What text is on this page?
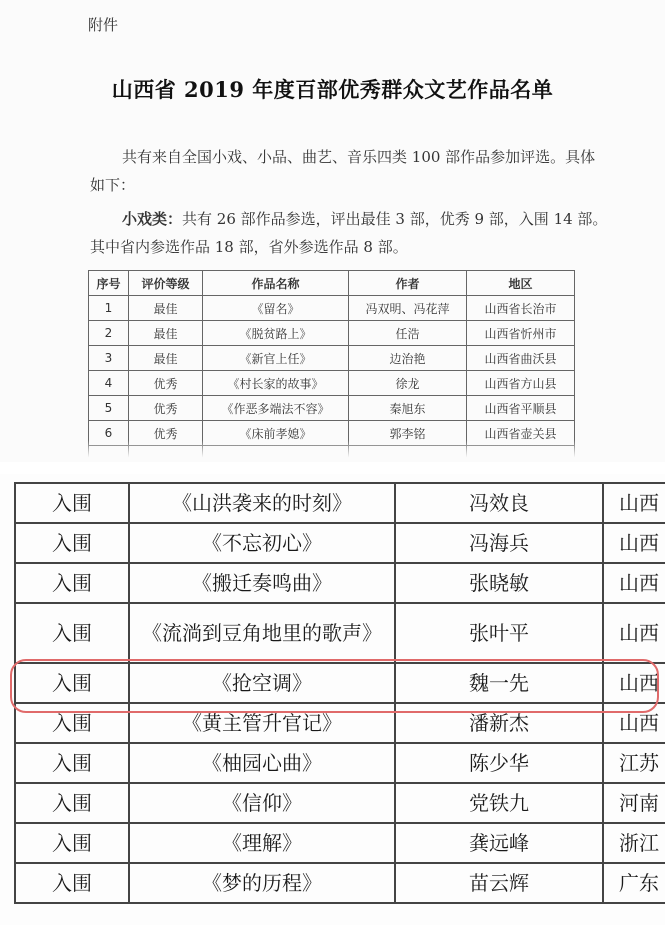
附件
山西省 2019 年度百部优秀群众文艺作品名单
共有来自全国小戏、小品、曲艺、音乐四类 100 部作品参加评选。具体如下：
小戏类：共有 26 部作品参选，评出最佳 3 部，优秀 9 部，入围 14 部。其中省内参选作品 18 部，省外参选作品 8 部。
序号	评价等级	作品名称	作者	地区
1	最佳	《留名》	冯双明、冯花萍	山西省长治市
2	最佳	《脱贫路上》	任浩	山西省忻州市
3	最佳	《新官上任》	边治艳	山西省曲沃县
4	优秀	《村长家的故事》	徐龙	山西省方山县
5	优秀	《作恶多端法不容》	秦旭东	山西省平顺县
6	优秀	《床前孝媳》	郭李铭	山西省壶关县

入围	《山洪袭来的时刻》	冯效良	山西
入围	《不忘初心》	冯海兵	山西
入围	《搬迁奏鸣曲》	张晓敏	山西
入围	《流淌到豆角地里的歌声》	张叶平	山西
入围	《抢空调》	魏一先	山西
入围	《黄主管升官记》	潘新杰	山西
入围	《柚园心曲》	陈少华	江苏
入围	《信仰》	党铁九	河南
入围	《理解》	龚远峰	浙江
入围	《梦的历程》	苗云辉	广东
